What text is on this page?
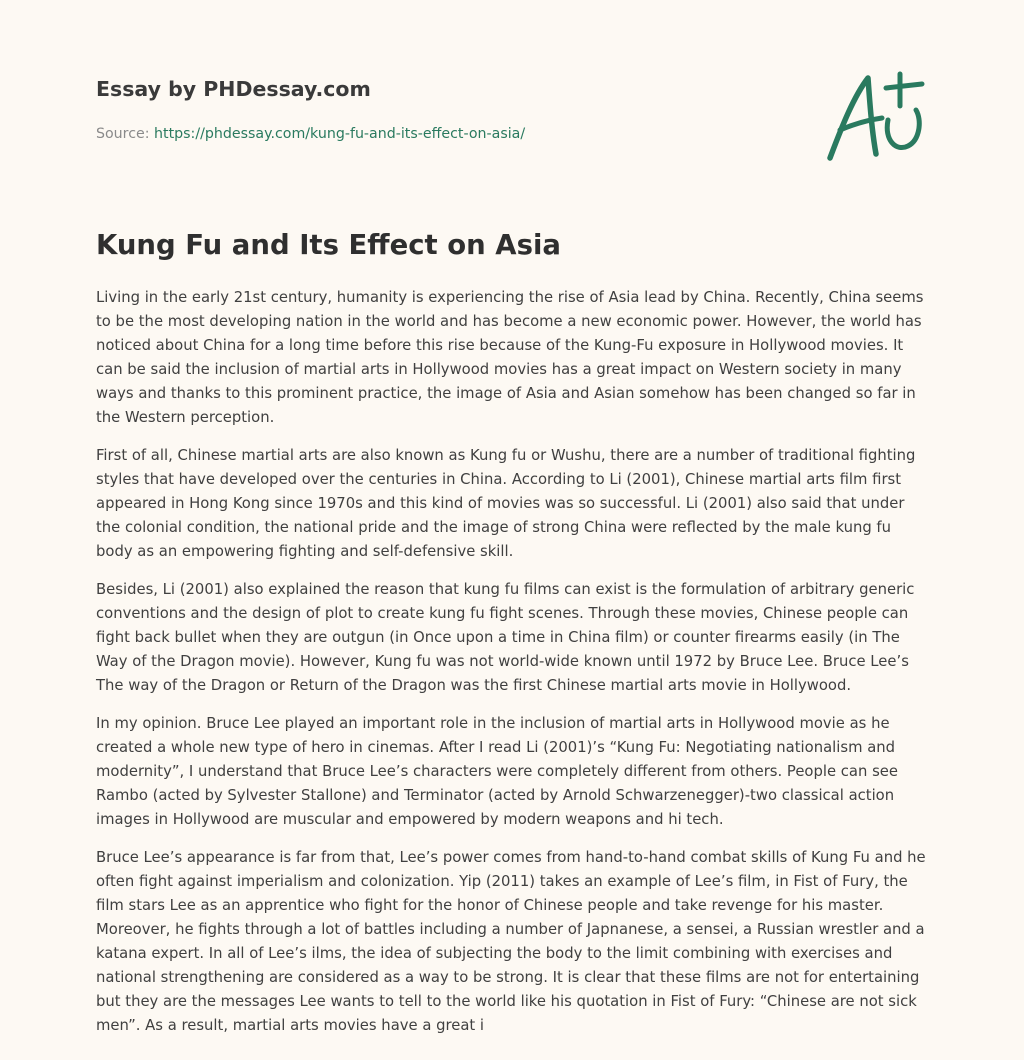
Essay by PHDessay.com
Source: https://phdessay.com/kung-fu-and-its-effect-on-asia/
Kung Fu and Its Effect on Asia

Living in the early 21st century, humanity is experiencing the rise of Asia lead by China. Recently, China seems to be the most developing nation in the world and has become a new economic power. However, the world has noticed about China for a long time before this rise because of the Kung-Fu exposure in Hollywood movies. It can be said the inclusion of martial arts in Hollywood movies has a great impact on Western society in many ways and thanks to this prominent practice, the image of Asia and Asian somehow has been changed so far in the Western perception.

First of all, Chinese martial arts are also known as Kung fu or Wushu, there are a number of traditional fighting styles that have developed over the centuries in China. According to Li (2001), Chinese martial arts film first appeared in Hong Kong since 1970s and this kind of movies was so successful. Li (2001) also said that under the colonial condition, the national pride and the image of strong China were reflected by the male kung fu body as an empowering fighting and self-defensive skill.

Besides, Li (2001) also explained the reason that kung fu films can exist is the formulation of arbitrary generic conventions and the design of plot to create kung fu fight scenes. Through these movies, Chinese people can fight back bullet when they are outgun (in Once upon a time in China film) or counter firearms easily (in The Way of the Dragon movie). However, Kung fu was not world-wide known until 1972 by Bruce Lee. Bruce Lee’s The way of the Dragon or Return of the Dragon was the first Chinese martial arts movie in Hollywood.

In my opinion. Bruce Lee played an important role in the inclusion of martial arts in Hollywood movie as he created a whole new type of hero in cinemas. After I read Li (2001)’s “Kung Fu: Negotiating nationalism and modernity”, I understand that Bruce Lee’s characters were completely different from others. People can see Rambo (acted by Sylvester Stallone) and Terminator (acted by Arnold Schwarzenegger)-two classical action images in Hollywood are muscular and empowered by modern weapons and hi tech.

Bruce Lee’s appearance is far from that, Lee’s power comes from hand-to-hand combat skills of Kung Fu and he often fight against imperialism and colonization. Yip (2011) takes an example of Lee’s film, in Fist of Fury, the film stars Lee as an apprentice who fight for the honor of Chinese people and take revenge for his master. Moreover, he fights through a lot of battles including a number of Japnanese, a sensei, a Russian wrestler and a katana expert. In all of Lee’s ilms, the idea of subjecting the body to the limit combining with exercises and national strengthening are considered as a way to be strong. It is clear that these films are not for entertaining but they are the messages Lee wants to tell to the world like his quotation in Fist of Fury: “Chinese are not sick men”. As a result, martial arts movies have a great i
